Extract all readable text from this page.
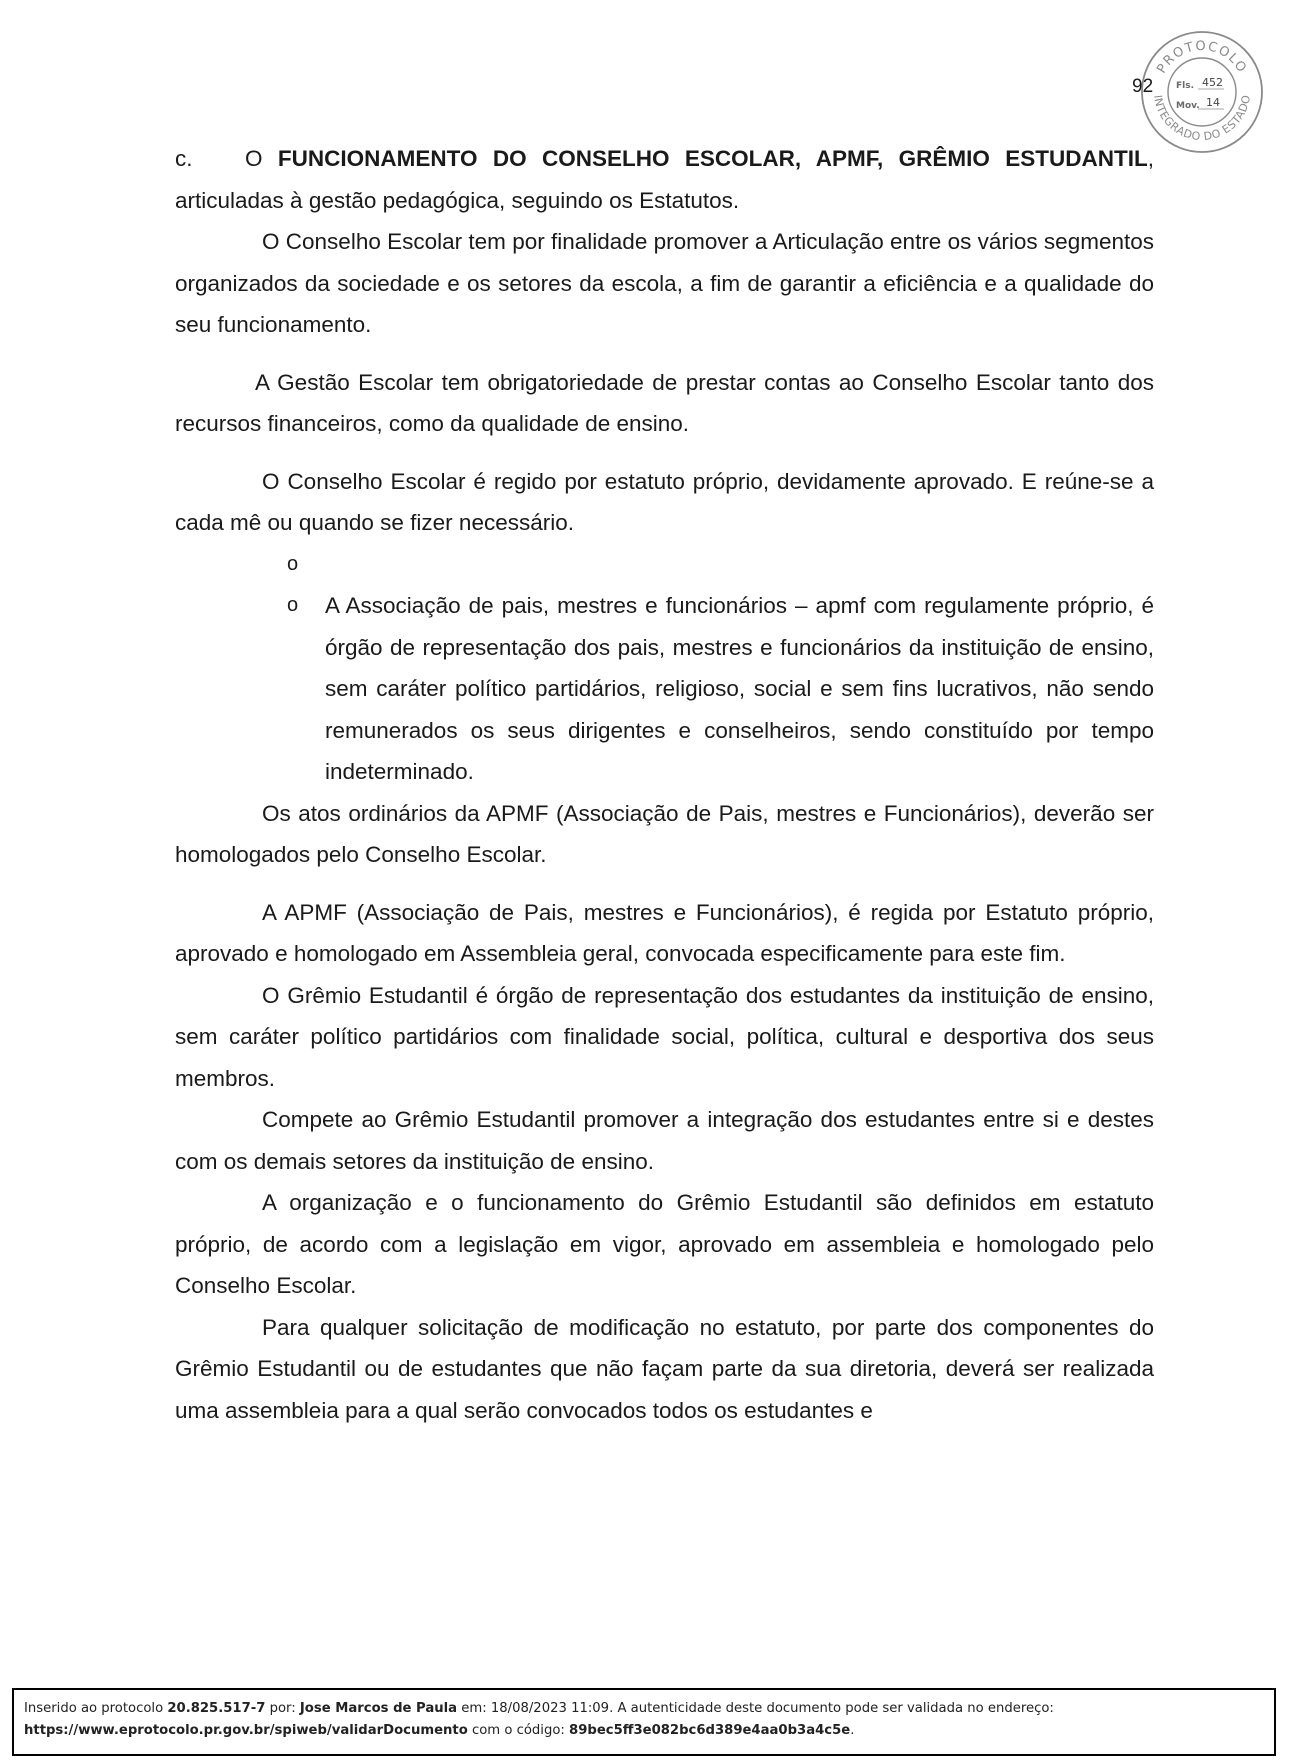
92
PROTOCOLO
INTEGRADO DO ESTADO
Fls. 452
Mov. 14

c. O FUNCIONAMENTO DO CONSELHO ESCOLAR, APMF, GRÊMIO ESTUDANTIL, articuladas à gestão pedagógica, seguindo os Estatutos.

O Conselho Escolar tem por finalidade promover a Articulação entre os vários segmentos organizados da sociedade e os setores da escola, a fim de garantir a eficiência e a qualidade do seu funcionamento.

A Gestão Escolar tem obrigatoriedade de prestar contas ao Conselho Escolar tanto dos recursos financeiros, como da qualidade de ensino.

O Conselho Escolar é regido por estatuto próprio, devidamente aprovado. E reúne-se a cada mê ou quando se fizer necessário.

o

o A Associação de pais, mestres e funcionários – apmf com regulamente próprio, é órgão de representação dos pais, mestres e funcionários da instituição de ensino, sem caráter político partidários, religioso, social e sem fins lucrativos, não sendo remunerados os seus dirigentes e conselheiros, sendo constituído por tempo indeterminado.

Os atos ordinários da APMF (Associação de Pais, mestres e Funcionários), deverão ser homologados pelo Conselho Escolar.

A APMF (Associação de Pais, mestres e Funcionários), é regida por Estatuto próprio, aprovado e homologado em Assembleia geral, convocada especificamente para este fim.

O Grêmio Estudantil é órgão de representação dos estudantes da instituição de ensino, sem caráter político partidários com finalidade social, política, cultural e desportiva dos seus membros.

Compete ao Grêmio Estudantil promover a integração dos estudantes entre si e destes com os demais setores da instituição de ensino.

A organização e o funcionamento do Grêmio Estudantil são definidos em estatuto próprio, de acordo com a legislação em vigor, aprovado em assembleia e homologado pelo Conselho Escolar.

Para qualquer solicitação de modificação no estatuto, por parte dos componentes do Grêmio Estudantil ou de estudantes que não façam parte da sua diretoria, deverá ser realizada uma assembleia para a qual serão convocados todos os estudantes e

Inserido ao protocolo 20.825.517-7 por: Jose Marcos de Paula em: 18/08/2023 11:09. A autenticidade deste documento pode ser validada no endereço:
https://www.eprotocolo.pr.gov.br/spiweb/validarDocumento com o código: 89bec5ff3e082bc6d389e4aa0b3a4c5e.
